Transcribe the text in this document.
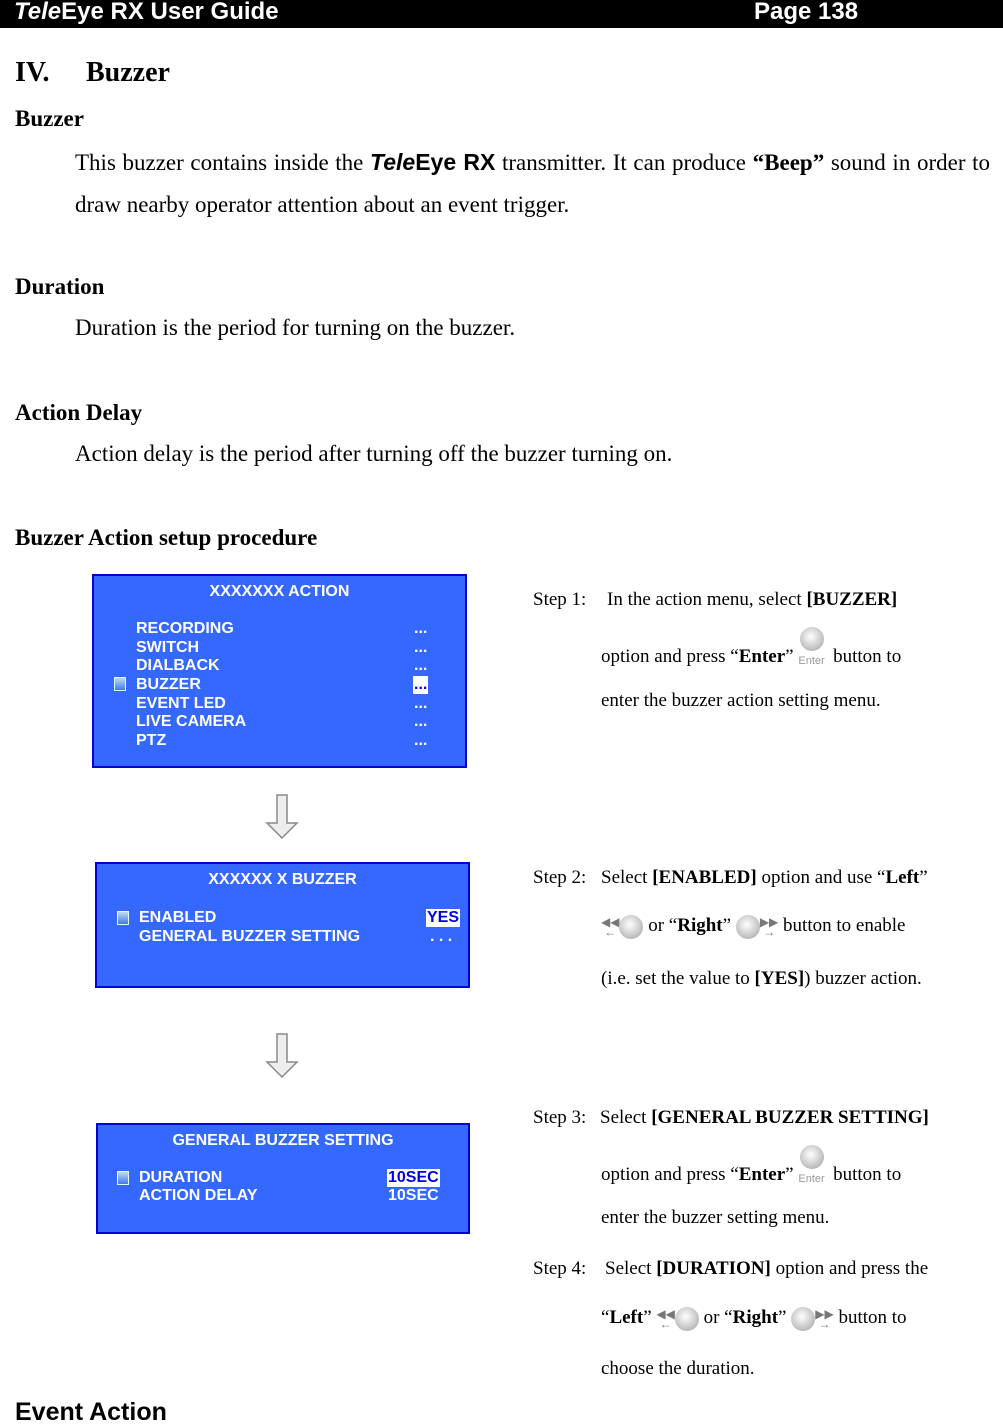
TeleEye RX User Guide	Page 138
IV. Buzzer
Buzzer
This buzzer contains inside the TeleEye RX transmitter. It can produce “Beep” sound in order to draw nearby operator attention about an event trigger.
Duration
Duration is the period for turning on the buzzer.
Action Delay
Action delay is the period after turning off the buzzer turning on.
Buzzer Action setup procedure
XXXXXXX ACTION
RECORDING
SWITCH
DIALBACK
BUZZER
EVENT LED
LIVE CAMERA
PTZ
...
...
...
...
...
...
...
XXXXXX X BUZZER
ENABLED
GENERAL BUZZER SETTING
YES
. . .
GENERAL BUZZER SETTING
DURATION
ACTION DELAY
10SEC
10SEC
Step 1: In the action menu, select [BUZZER]
option and press “Enter” Enter button to
enter the buzzer action setting menu.
Step 2: Select [ENABLED] option and use “Left”
◀◀
← or “Right” ▶▶
→ button to enable
(i.e. set the value to [YES]) buzzer action.
Step 3: Select [GENERAL BUZZER SETTING]
option and press “Enter” Enter button to
enter the buzzer setting menu.
Step 4: Select [DURATION] option and press the
“Left” ◀◀
← or “Right” ▶▶
→ button to
choose the duration.
Event Action
